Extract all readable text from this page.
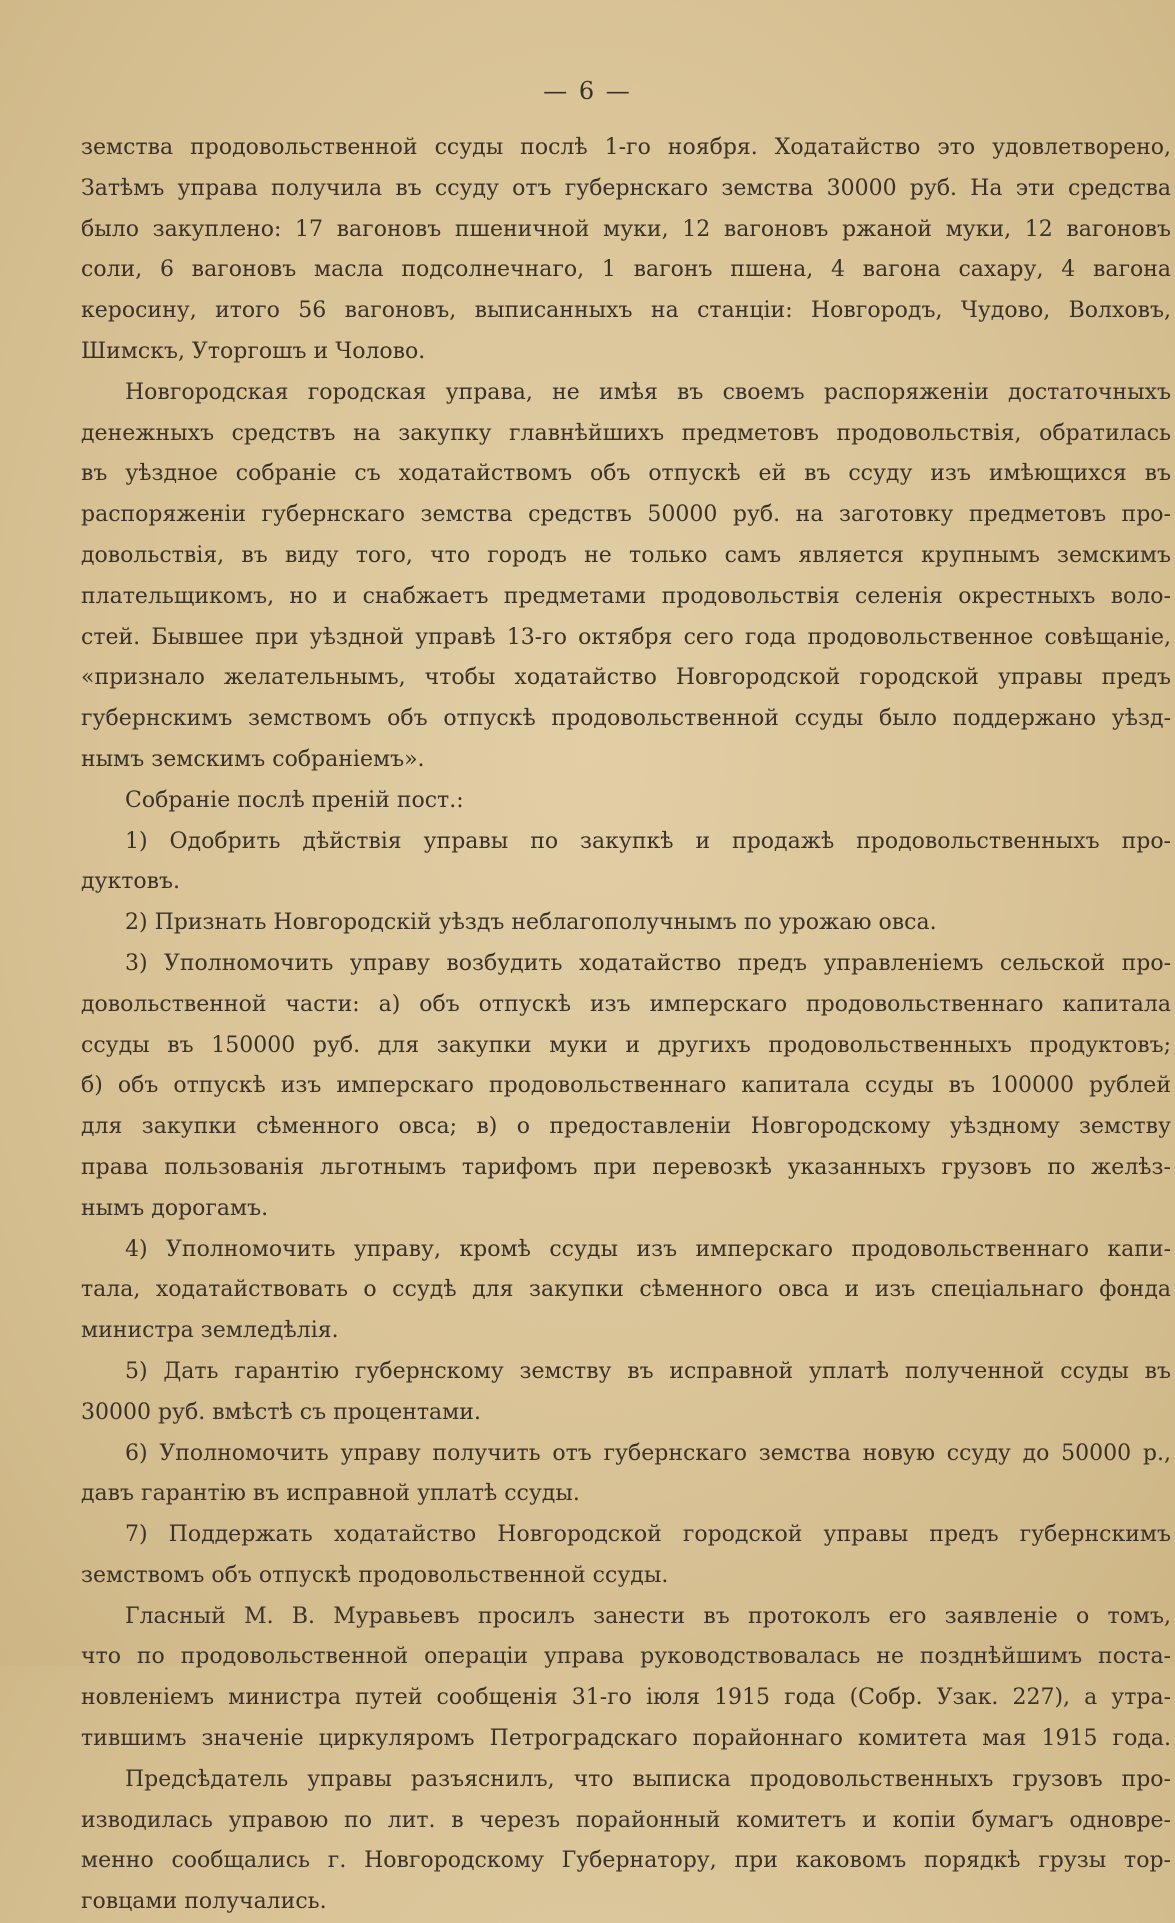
— 6 —
земства продовольственной ссуды послѣ 1-го ноября. Ходатайство это удовлетворено,
Затѣмъ управа получила въ ссуду отъ губернскаго земства 30000 руб. На эти средства
было закуплено: 17 вагоновъ пшеничной муки, 12 вагоновъ ржаной муки, 12 вагоновъ
соли, 6 вагоновъ масла подсолнечнаго, 1 вагонъ пшена, 4 вагона сахару, 4 вагона
керосину, итого 56 вагоновъ, выписанныхъ на станціи: Новгородъ, Чудово, Волховъ,
Шимскъ, Уторгошъ и Чолово.
Новгородская городская управа, не имѣя въ своемъ распоряженіи достаточныхъ
денежныхъ средствъ на закупку главнѣйшихъ предметовъ продовольствія, обратилась
въ уѣздное собраніе съ ходатайствомъ объ отпускѣ ей въ ссуду изъ имѣющихся въ
распоряженіи губернскаго земства средствъ 50000 руб. на заготовку предметовъ про-
довольствія, въ виду того, что городъ не только самъ является крупнымъ земскимъ
плательщикомъ, но и снабжаетъ предметами продовольствія селенія окрестныхъ воло-
стей. Бывшее при уѣздной управѣ 13-го октября сего года продовольственное совѣщаніе,
«признало желательнымъ, чтобы ходатайство Новгородской городской управы предъ
губернскимъ земствомъ объ отпускѣ продовольственной ссуды было поддержано уѣзд-
нымъ земскимъ собраніемъ».
Собраніе послѣ преній пост.:
1) Одобрить дѣйствія управы по закупкѣ и продажѣ продовольственныхъ про-
дуктовъ.
2) Признать Новгородскій уѣздъ неблагополучнымъ по урожаю овса.
3) Уполномочить управу возбудить ходатайство предъ управленіемъ сельской про-
довольственной части: а) объ отпускѣ изъ имперскаго продовольственнаго капитала
ссуды въ 150000 руб. для закупки муки и другихъ продовольственныхъ продуктовъ;
б) объ отпускѣ изъ имперскаго продовольственнаго капитала ссуды въ 100000 рублей
для закупки сѣменного овса; в) о предоставленіи Новгородскому уѣздному земству
права пользованія льготнымъ тарифомъ при перевозкѣ указанныхъ грузовъ по желѣз-
нымъ дорогамъ.
4) Уполномочить управу, кромѣ ссуды изъ имперскаго продовольственнаго капи-
тала, ходатайствовать о ссудѣ для закупки сѣменного овса и изъ спеціальнаго фонда
министра земледѣлія.
5) Дать гарантію губернскому земству въ исправной уплатѣ полученной ссуды въ
30000 руб. вмѣстѣ съ процентами.
6) Уполномочить управу получить отъ губернскаго земства новую ссуду до 50000 р.,
давъ гарантію въ исправной уплатѣ ссуды.
7) Поддержать ходатайство Новгородской городской управы предъ губернскимъ
земствомъ объ отпускѣ продовольственной ссуды.
Гласный М. В. Муравьевъ просилъ занести въ протоколъ его заявленіе о томъ,
что по продовольственной операціи управа руководствовалась не позднѣйшимъ поста-
новленіемъ министра путей сообщенія 31-го іюля 1915 года (Собр. Узак. 227), а утра-
тившимъ значеніе циркуляромъ Петроградскаго порайоннаго комитета мая 1915 года.
Предсѣдатель управы разъяснилъ, что выписка продовольственныхъ грузовъ про-
изводилась управою по лит. в черезъ порайонный комитетъ и копіи бумагъ одновре-
менно сообщались г. Новгородскому Губернатору, при каковомъ порядкѣ грузы тор-
говцами получались.
